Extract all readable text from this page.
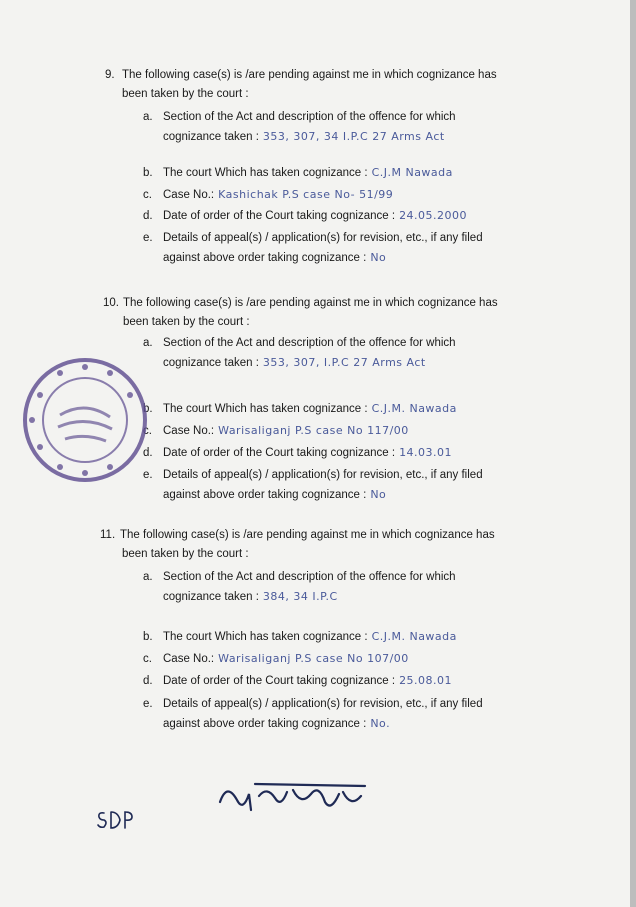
9. The following case(s) is /are pending against me in which cognizance has
been taken by the court :
a. Section of the Act and description of the offence for which
cognizance taken : 353, 307, 34 I.P.C 27 Arms Act
b. The court Which has taken cognizance : C.J.M Nawada
c. Case No.: Kashichak P.S case No- 51/99
d. Date of order of the Court taking cognizance : 24.05.2000
e. Details of appeal(s) / application(s) for revision, etc., if any filed
against above order taking cognizance : No
10. The following case(s) is /are pending against me in which cognizance has
been taken by the court :
a. Section of the Act and description of the offence for which
cognizance taken : 353, 307, I.P.C 27 Arms Act
b. The court Which has taken cognizance : C.J.M. Nawada
c. Case No.: Warisaliganj P.S case No 117/00
d. Date of order of the Court taking cognizance : 14.03.01
e. Details of appeal(s) / application(s) for revision, etc., if any filed
against above order taking cognizance : No
11. The following case(s) is /are pending against me in which cognizance has
been taken by the court :
a. Section of the Act and description of the offence for which
cognizance taken : 384, 34 I.P.C
b. The court Which has taken cognizance : C.J.M. Nawada
c. Case No.: Warisaliganj P.S case No 107/00
d. Date of order of the Court taking cognizance : 25.08.01
e. Details of appeal(s) / application(s) for revision, etc., if any filed
against above order taking cognizance : No.
